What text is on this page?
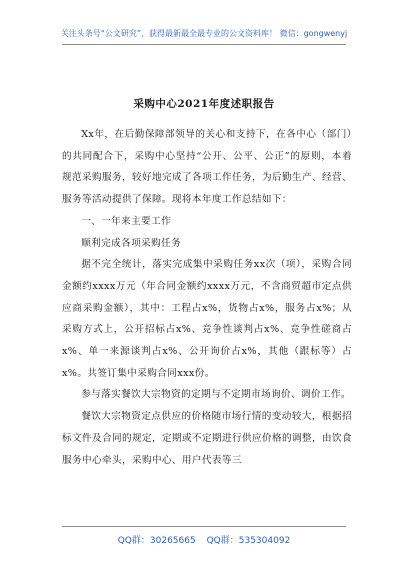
关注头条号“公文研究”，获得最新最全最专业的公文资料库！ 微信：gongwenyj
采购中心2021年度述职报告

Xx年，在后勤保障部领导的关心和支持下，在各中心（部门）的共同配合下，采购中心坚持“公开、公平、公正”的原则，本着规范采购服务，较好地完成了各项工作任务，为后勤生产、经营、服务等活动提供了保障。现将本年度工作总结如下：

一、一年来主要工作

顺利完成各项采购任务

据不完全统计，落实完成集中采购任务xx次（项），采购合同金额约xxxx万元（年合同金额约xxxx万元，不含商贸超市定点供应商采购金额），其中：工程占x%，货物占x%，服务占x%；从采购方式上，公开招标占x%、竞争性谈判占x%、竞争性磋商占x%、单一来源谈判占x%、公开询价占x%，其他（跟标等）占x%。共签订集中采购合同xxx份。

参与落实餐饮大宗物资的定期与不定期市场询价、调价工作。

餐饮大宗物资定点供应的价格随市场行情的变动较大，根据招标文件及合同的规定，定期或不定期进行供应价格的调整，由饮食服务中心牵头，采购中心、用户代表等三

QQ群：30265665 QQ群：535304092
